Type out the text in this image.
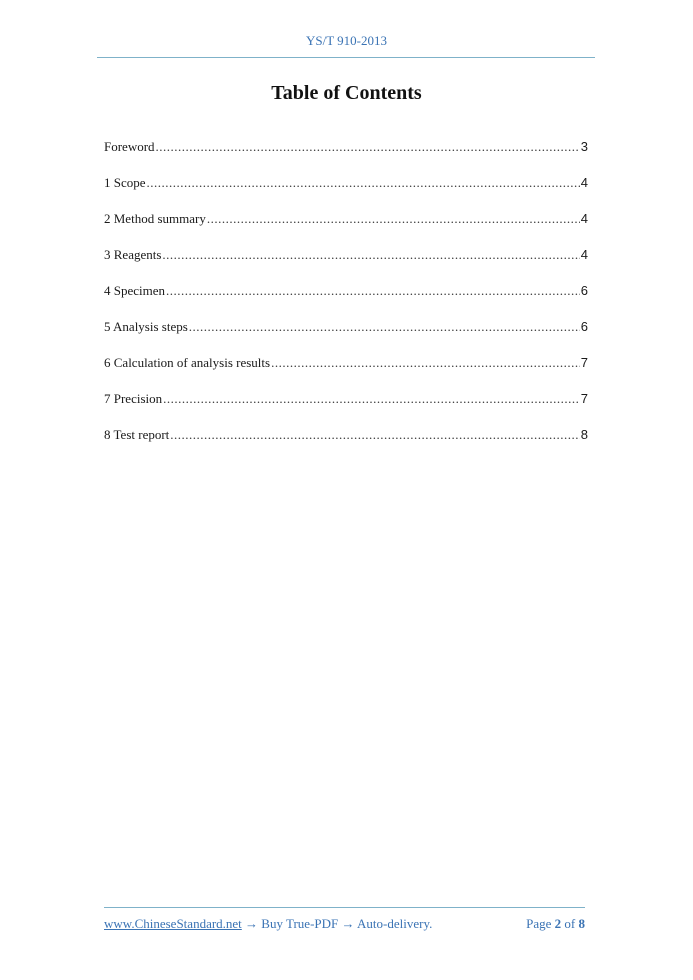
YS/T 910-2013
Table of Contents
Foreword .....	3
1 Scope .....	4
2 Method summary .....	4
3 Reagents .....	4
4 Specimen .....	6
5 Analysis steps .....	6
6 Calculation of analysis results .....	7
7 Precision .....	7
8 Test report .....	8
www.ChineseStandard.net → Buy True-PDF → Auto-delivery.	Page 2 of 8
